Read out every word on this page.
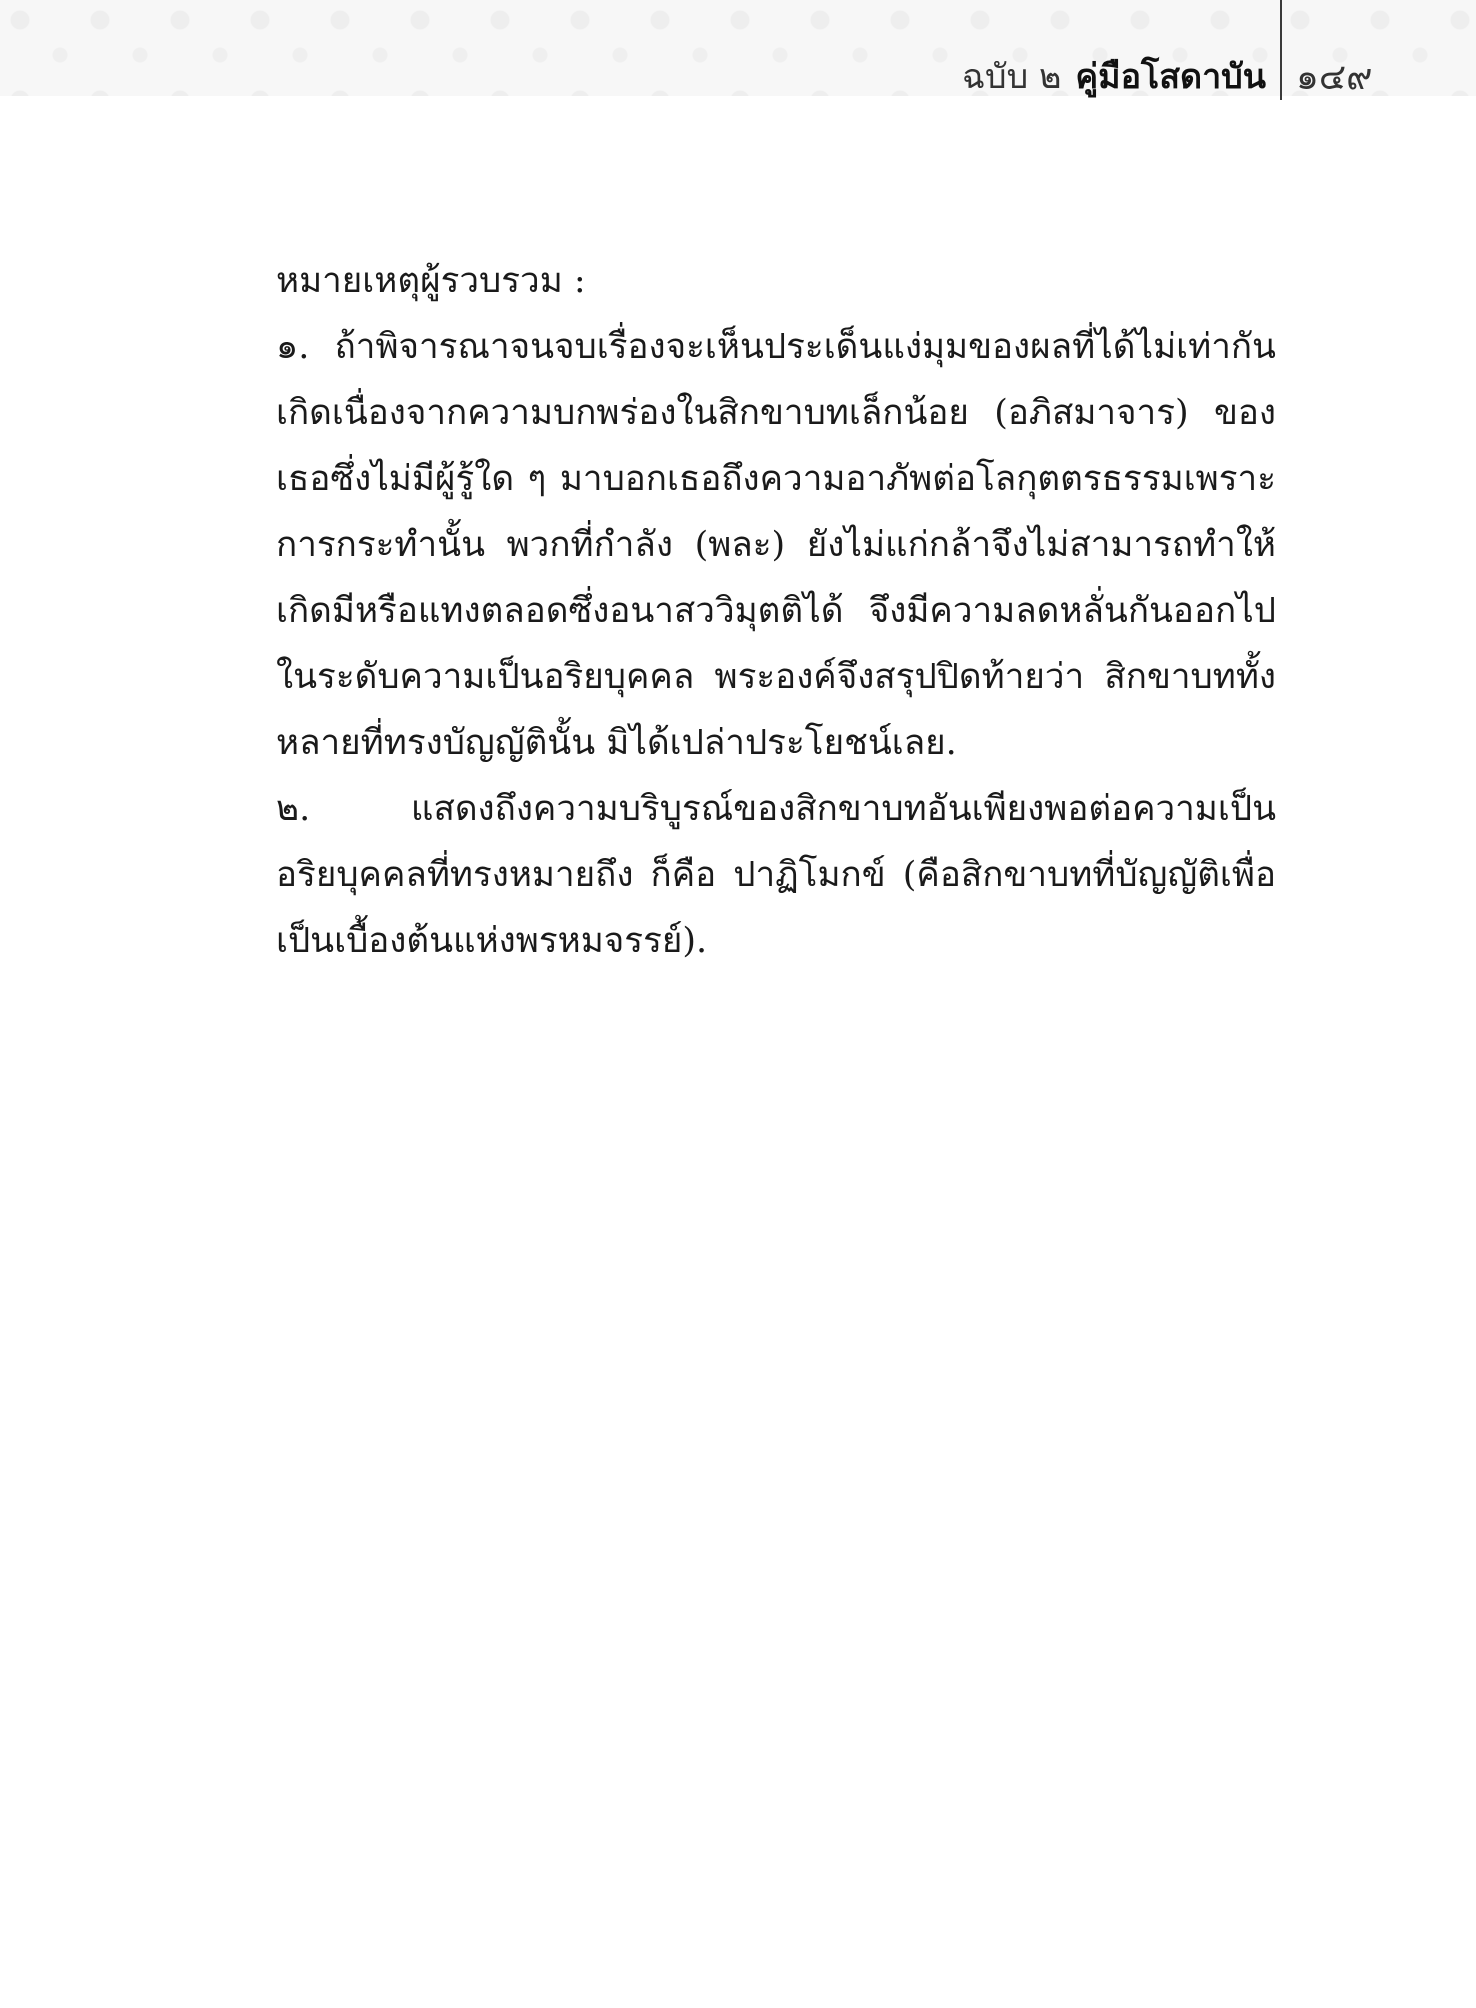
ฉบับ ๒ คู่มือโสดาบัน ๑๔๙

หมายเหตุผู้รวบรวม :

๑. ถ้าพิจารณาจนจบเรื่องจะเห็นประเด็นแง่มุมของผลที่ได้ไม่เท่ากัน เกิดเนื่องจากความบกพร่องในสิกขาบทเล็กน้อย (อภิสมาจาร) ของเธอซึ่งไม่มีผู้รู้ใด ๆ มาบอกเธอถึงความอาภัพต่อโลกุตตรธรรมเพราะการกระทำนั้น พวกที่กำลัง (พละ) ยังไม่แก่กล้าจึงไม่สามารถทำให้เกิดมีหรือแทงตลอดซึ่งอนาสววิมุตติได้ จึงมีความลดหลั่นกันออกไปในระดับความเป็นอริยบุคคล พระองค์จึงสรุปปิดท้ายว่า สิกขาบททั้งหลายที่ทรงบัญญัตินั้น มิได้เปล่าประโยชน์เลย.

๒. แสดงถึงความบริบูรณ์ของสิกขาบทอันเพียงพอต่อความเป็นอริยบุคคลที่ทรงหมายถึง ก็คือ ปาฏิโมกข์ (คือสิกขาบทที่บัญญัติเพื่อเป็นเบื้องต้นแห่งพรหมจรรย์).
